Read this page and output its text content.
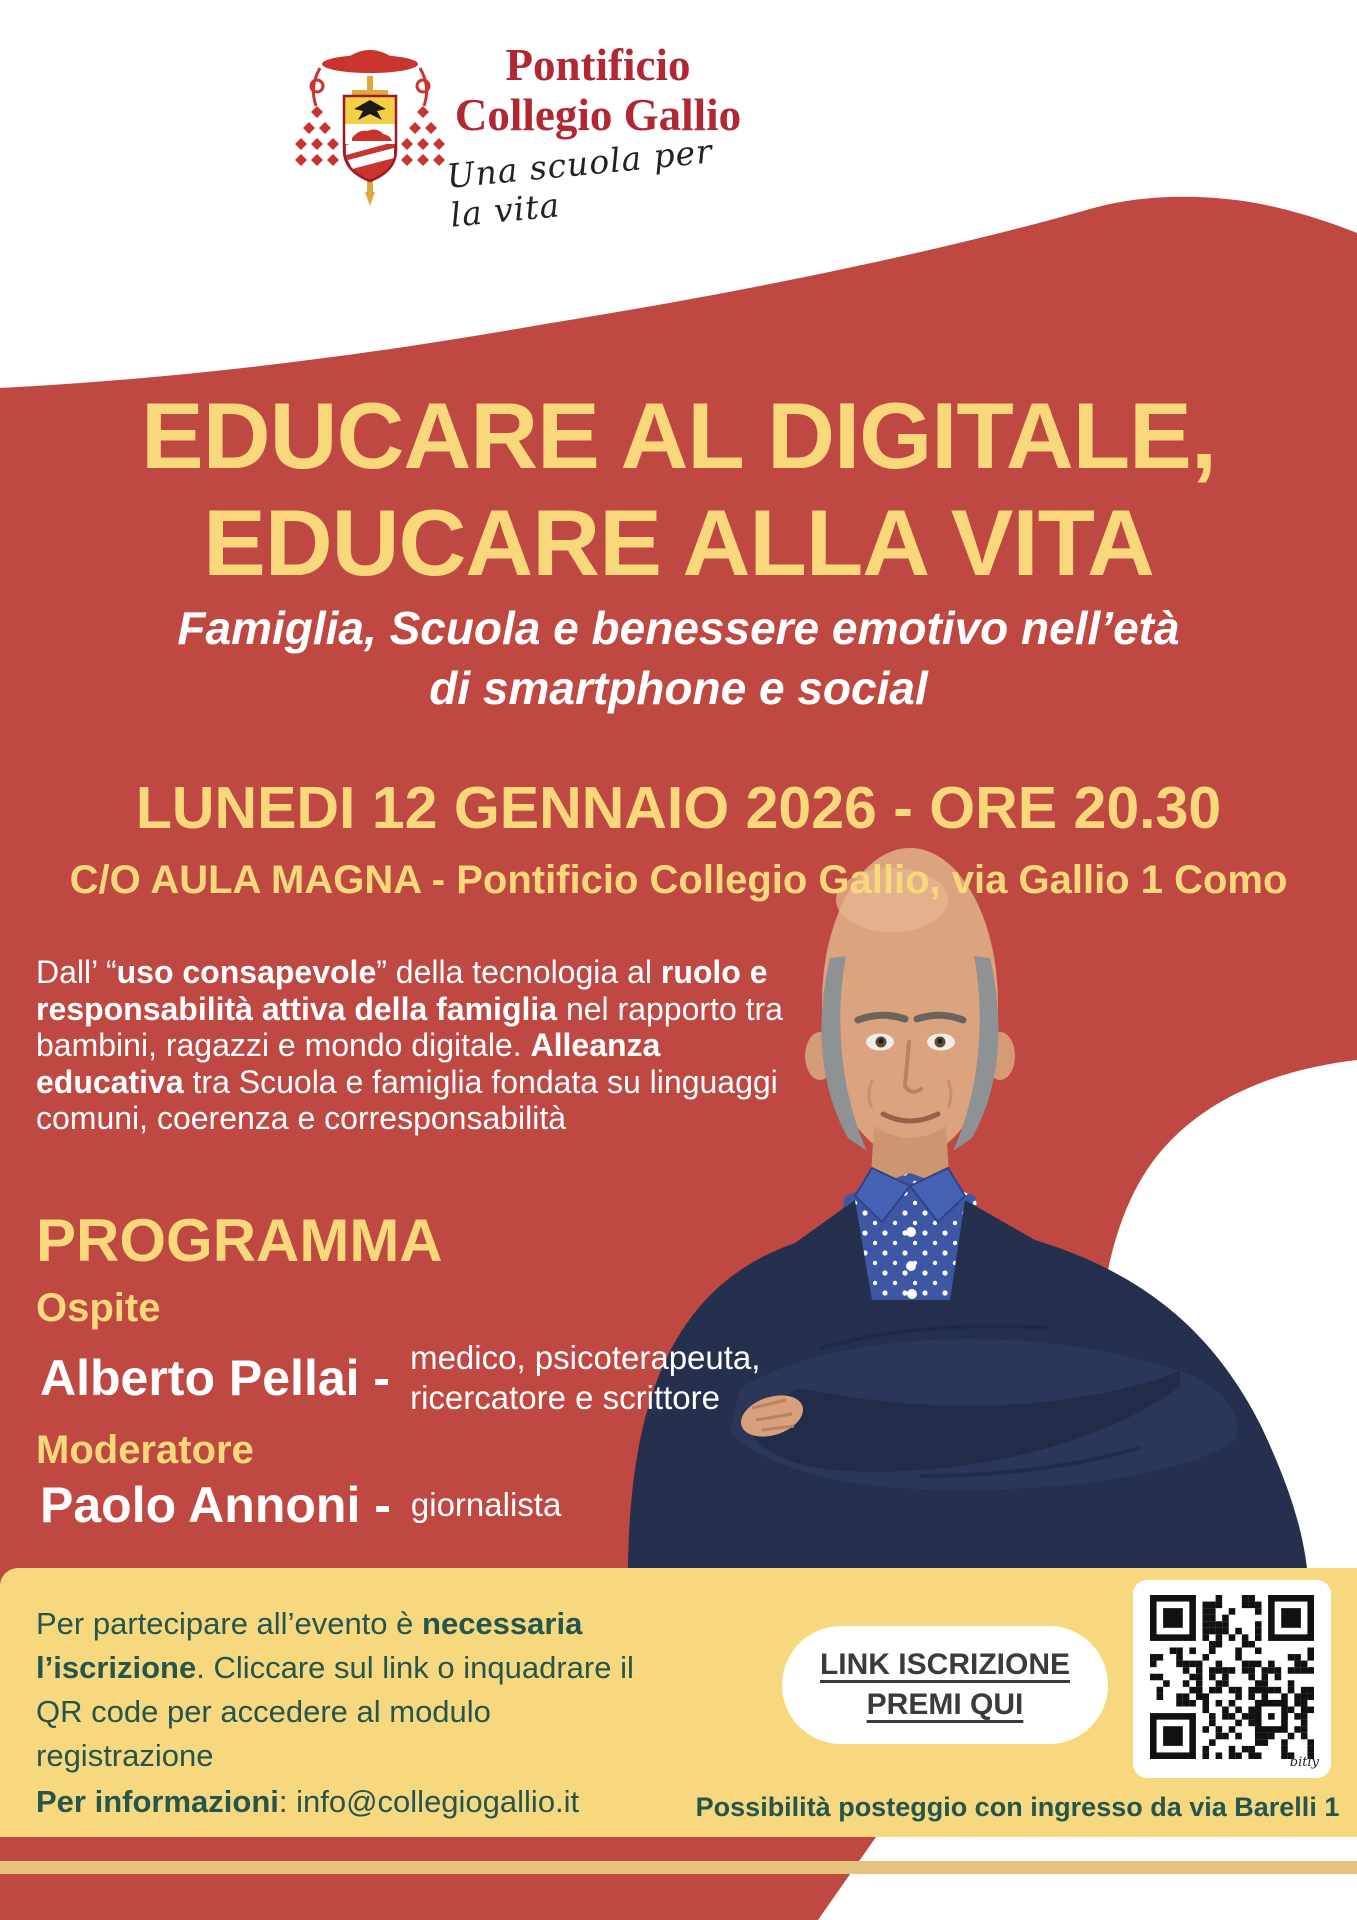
Pontificio
Collegio Gallio
Una scuola per la vita
EDUCARE AL DIGITALE,
EDUCARE ALLA VITA
Famiglia, Scuola e benessere emotivo nell’età
di smartphone e social
LUNEDI 12 GENNAIO 2026 - ORE 20.30
C/O AULA MAGNA - Pontificio Collegio Gallio, via Gallio 1 Como
Dall’ “uso consapevole” della tecnologia al ruolo e
responsabilità attiva della famiglia nel rapporto tra
bambini, ragazzi e mondo digitale. Alleanza
educativa tra Scuola e famiglia fondata su linguaggi
comuni, coerenza e corresponsabilità
PROGRAMMA
Ospite
Alberto Pellai - medico, psicoterapeuta,
ricercatore e scrittore
Moderatore
Paolo Annoni - giornalista
Per partecipare all’evento è necessaria
l’iscrizione. Cliccare sul link o inquadrare il
QR code per accedere al modulo
registrazione
Per informazioni: info@collegiogallio.it
LINK ISCRIZIONE
PREMI QUI
bitly
Possibilità posteggio con ingresso da via Barelli 1
